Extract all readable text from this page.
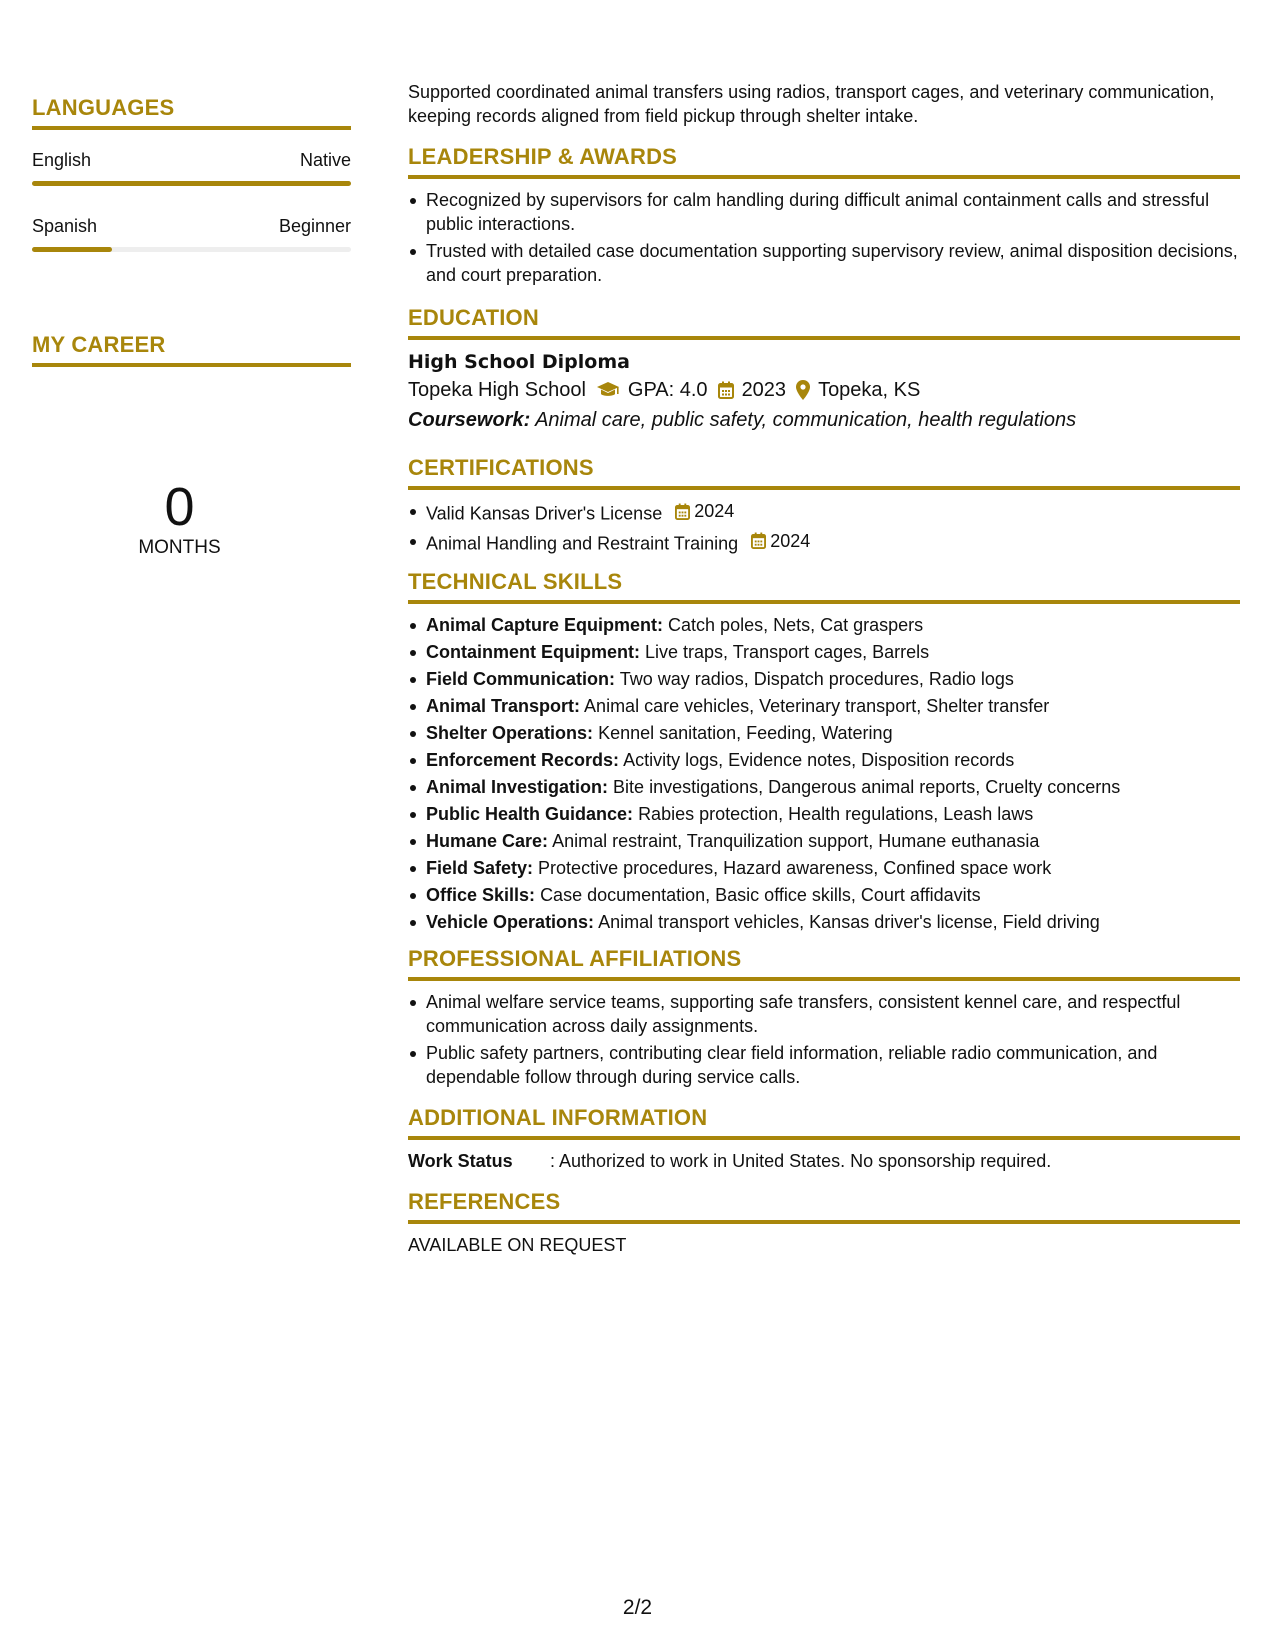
LANGUAGES
English	Native
Spanish	Beginner
MY CAREER
0
MONTHS

Supported coordinated animal transfers using radios, transport cages, and veterinary communication, keeping records aligned from field pickup through shelter intake.

LEADERSHIP & AWARDS
Recognized by supervisors for calm handling during difficult animal containment calls and stressful public interactions.
Trusted with detailed case documentation supporting supervisory review, animal disposition decisions, and court preparation.
EDUCATION
High School Diploma
Topeka High School GPA: 4.0 2023 Topeka, KS
Coursework: Animal care, public safety, communication, health regulations
CERTIFICATIONS
Valid Kansas Driver's License 2024
Animal Handling and Restraint Training 2024
TECHNICAL SKILLS
Animal Capture Equipment: Catch poles, Nets, Cat graspers
Containment Equipment: Live traps, Transport cages, Barrels
Field Communication: Two way radios, Dispatch procedures, Radio logs
Animal Transport: Animal care vehicles, Veterinary transport, Shelter transfer
Shelter Operations: Kennel sanitation, Feeding, Watering
Enforcement Records: Activity logs, Evidence notes, Disposition records
Animal Investigation: Bite investigations, Dangerous animal reports, Cruelty concerns
Public Health Guidance: Rabies protection, Health regulations, Leash laws
Humane Care: Animal restraint, Tranquilization support, Humane euthanasia
Field Safety: Protective procedures, Hazard awareness, Confined space work
Office Skills: Case documentation, Basic office skills, Court affidavits
Vehicle Operations: Animal transport vehicles, Kansas driver's license, Field driving
PROFESSIONAL AFFILIATIONS
Animal welfare service teams, supporting safe transfers, consistent kennel care, and respectful communication across daily assignments.
Public safety partners, contributing clear field information, reliable radio communication, and dependable follow through during service calls.
ADDITIONAL INFORMATION
Work Status	: Authorized to work in United States. No sponsorship required.
REFERENCES
AVAILABLE ON REQUEST
2/2
